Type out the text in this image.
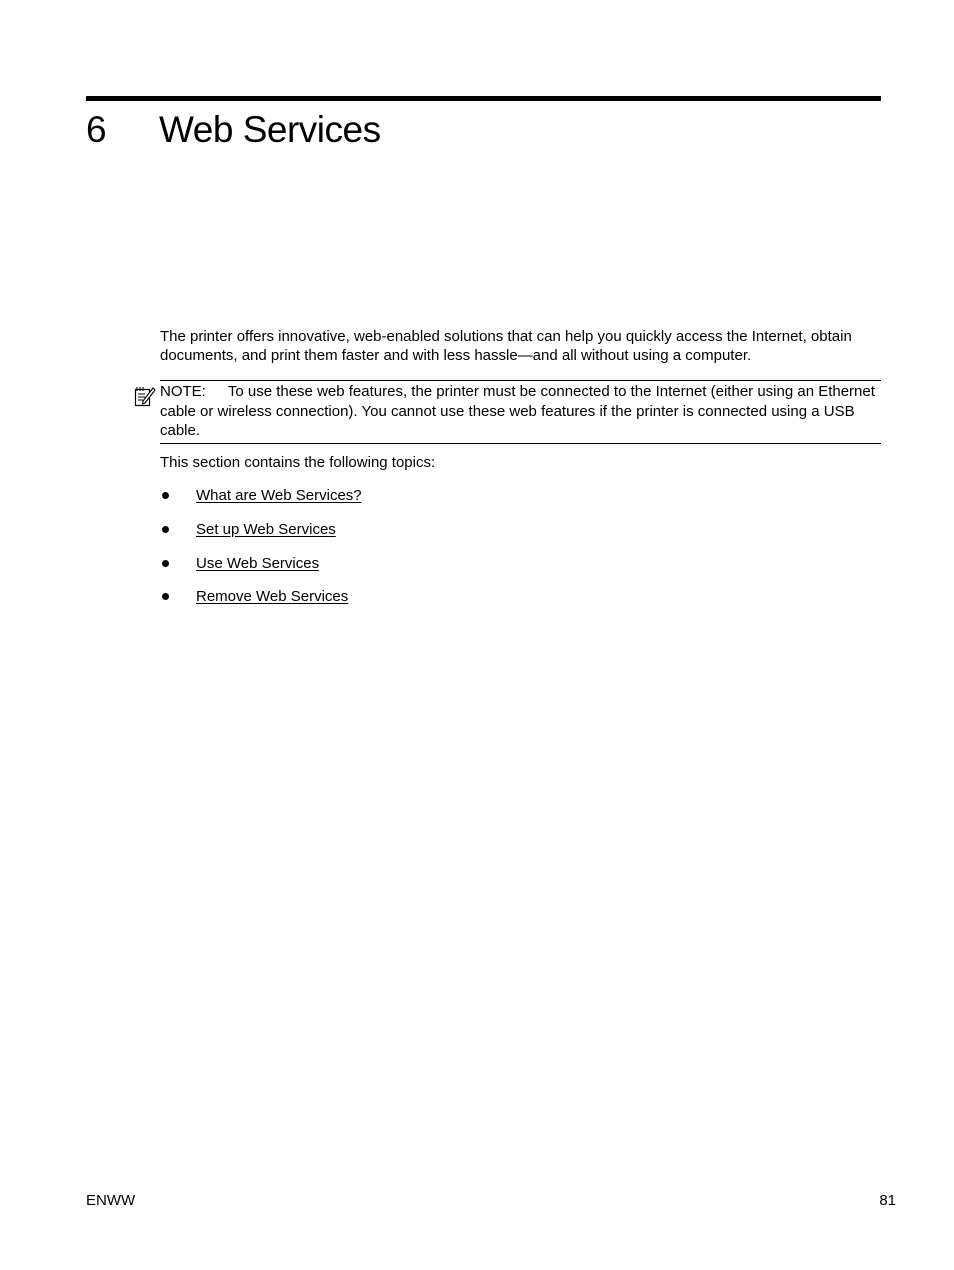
6 Web Services

The printer offers innovative, web-enabled solutions that can help you quickly access the Internet, obtain documents, and print them faster and with less hassle—and all without using a computer.

NOTE: To use these web features, the printer must be connected to the Internet (either using an Ethernet cable or wireless connection). You cannot use these web features if the printer is connected using a USB cable.

This section contains the following topics:

What are Web Services?
Set up Web Services
Use Web Services
Remove Web Services
ENWW	81
